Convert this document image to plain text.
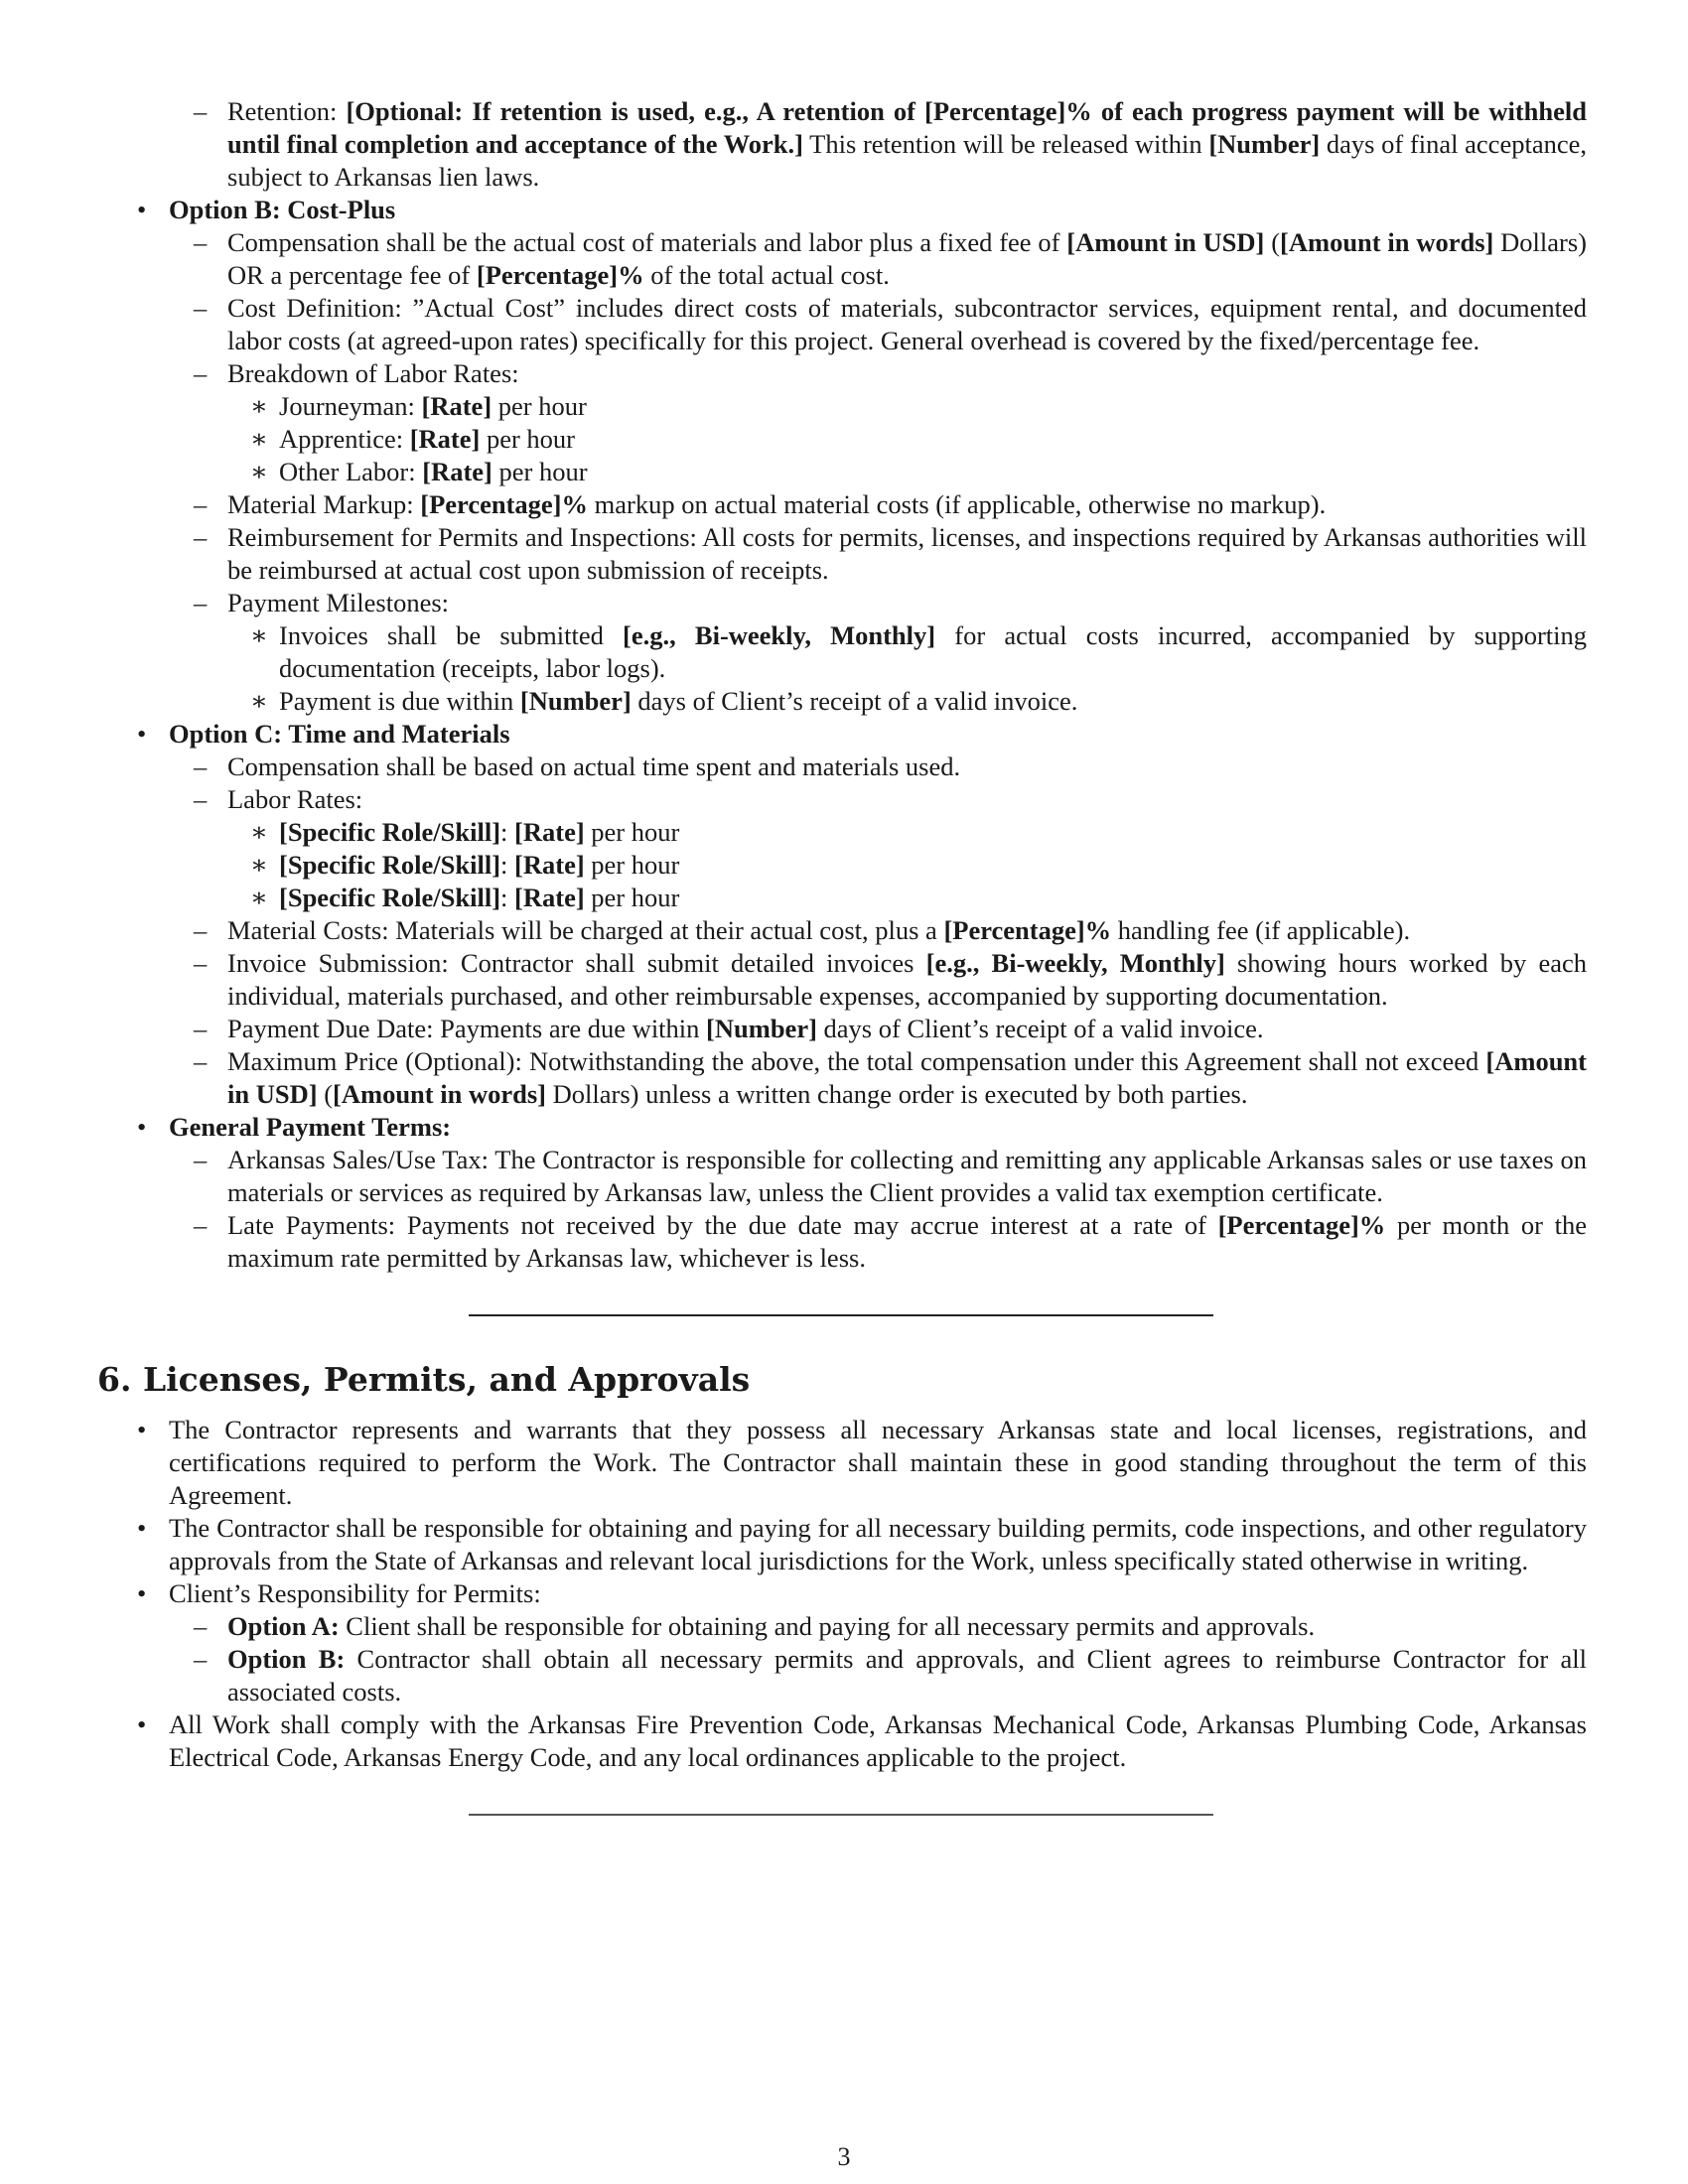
– Retention: [Optional: If retention is used, e.g., A retention of [Percentage]% of each progress payment will be withheld until final completion and acceptance of the Work.] This retention will be released within [Number] days of final acceptance, subject to Arkansas lien laws.
• Option B: Cost-Plus
– Compensation shall be the actual cost of materials and labor plus a fixed fee of [Amount in USD] ([Amount in words] Dollars) OR a percentage fee of [Percentage]% of the total actual cost.
– Cost Definition: ”Actual Cost” includes direct costs of materials, subcontractor services, equipment rental, and documented labor costs (at agreed-upon rates) specifically for this project. General overhead is covered by the fixed/percentage fee.
– Breakdown of Labor Rates:
∗ Journeyman: [Rate] per hour
∗ Apprentice: [Rate] per hour
∗ Other Labor: [Rate] per hour
– Material Markup: [Percentage]% markup on actual material costs (if applicable, otherwise no markup).
– Reimbursement for Permits and Inspections: All costs for permits, licenses, and inspections required by Arkansas authorities will be reimbursed at actual cost upon submission of receipts.
– Payment Milestones:
∗ Invoices shall be submitted [e.g., Bi-weekly, Monthly] for actual costs incurred, accompanied by supporting documentation (receipts, labor logs).
∗ Payment is due within [Number] days of Client’s receipt of a valid invoice.
• Option C: Time and Materials
– Compensation shall be based on actual time spent and materials used.
– Labor Rates:
∗ [Specific Role/Skill]: [Rate] per hour
∗ [Specific Role/Skill]: [Rate] per hour
∗ [Specific Role/Skill]: [Rate] per hour
– Material Costs: Materials will be charged at their actual cost, plus a [Percentage]% handling fee (if applicable).
– Invoice Submission: Contractor shall submit detailed invoices [e.g., Bi-weekly, Monthly] showing hours worked by each individual, materials purchased, and other reimbursable expenses, accompanied by supporting documentation.
– Payment Due Date: Payments are due within [Number] days of Client’s receipt of a valid invoice.
– Maximum Price (Optional): Notwithstanding the above, the total compensation under this Agreement shall not exceed [Amount in USD] ([Amount in words] Dollars) unless a written change order is executed by both parties.
• General Payment Terms:
– Arkansas Sales/Use Tax: The Contractor is responsible for collecting and remitting any applicable Arkansas sales or use taxes on materials or services as required by Arkansas law, unless the Client provides a valid tax exemption certificate.
– Late Payments: Payments not received by the due date may accrue interest at a rate of [Percentage]% per month or the maximum rate permitted by Arkansas law, whichever is less.
6. Licenses, Permits, and Approvals
• The Contractor represents and warrants that they possess all necessary Arkansas state and local licenses, registrations, and certifications required to perform the Work. The Contractor shall maintain these in good standing throughout the term of this Agreement.
• The Contractor shall be responsible for obtaining and paying for all necessary building permits, code inspections, and other regulatory approvals from the State of Arkansas and relevant local jurisdictions for the Work, unless specifically stated otherwise in writing.
• Client’s Responsibility for Permits:
– Option A: Client shall be responsible for obtaining and paying for all necessary permits and approvals.
– Option B: Contractor shall obtain all necessary permits and approvals, and Client agrees to reimburse Contractor for all associated costs.
• All Work shall comply with the Arkansas Fire Prevention Code, Arkansas Mechanical Code, Arkansas Plumbing Code, Arkansas Electrical Code, Arkansas Energy Code, and any local ordinances applicable to the project.
3
